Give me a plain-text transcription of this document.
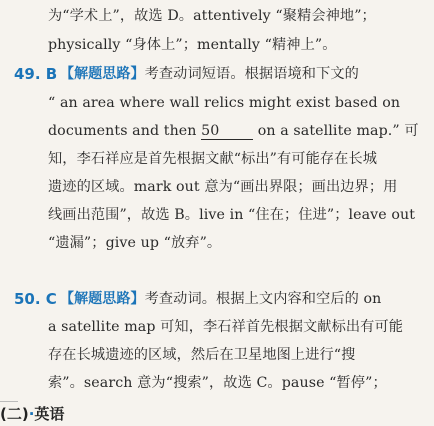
为“学术上”，故选 D。attentively “聚精会神地”；
physically “身体上”；mentally “精神上”。
49. B 【解题思路】考查动词短语。根据语境和下文的
“ an area where wall relics might exist based on
documents and then 50 on a satellite map.” 可
知，李石祥应是首先根据文献“标出”有可能存在长城
遗迹的区域。mark out 意为“画出界限；画出边界；用
线画出范围”，故选 B。live in “住在；住进”；leave out
“遗漏”；give up “放弃”。
50. C 【解题思路】考查动词。根据上文内容和空后的 on
a satellite map 可知，李石祥首先根据文献标出有可能
存在长城遗迹的区域，然后在卫星地图上进行“搜
索”。search 意为“搜索”，故选 C。pause “暂停”；
(二)·英语
